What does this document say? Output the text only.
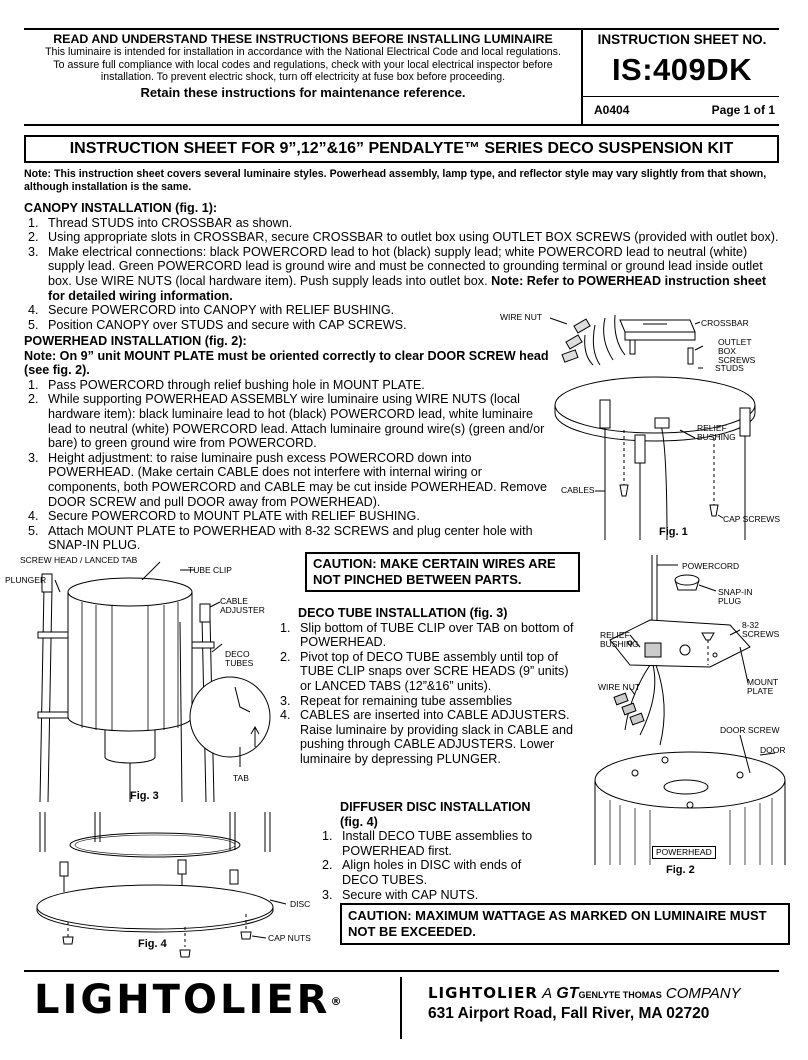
READ AND UNDERSTAND THESE INSTRUCTIONS BEFORE INSTALLING LUMINAIRE
This luminaire is intended for installation in accordance with the National Electrical Code and local regulations.
To assure full compliance with local codes and regulations, check with your local electrical inspector before
installation. To prevent electric shock, turn off electricity at fuse box before proceeding.
Retain these instructions for maintenance reference.
INSTRUCTION SHEET NO.
IS:409DK
A0404	Page 1 of 1
INSTRUCTION SHEET FOR 9”,12”&16” PENDALYTE™ SERIES DECO SUSPENSION KIT
Note: This instruction sheet covers several luminaire styles. Powerhead assembly, lamp type, and reflector style may vary slightly from that shown, although installation is the same.
CANOPY INSTALLATION (fig. 1):
1. Thread STUDS into CROSSBAR as shown.
2. Using appropriate slots in CROSSBAR, secure CROSSBAR to outlet box using OUTLET BOX SCREWS (provided with outlet box).
3. Make electrical connections: black POWERCORD lead to hot (black) supply lead; white POWERCORD lead to neutral (white) supply lead. Green POWERCORD lead is ground wire and must be connected to grounding terminal or ground lead inside outlet box. Use WIRE NUTS (local hardware item). Push supply leads into outlet box. Note: Refer to POWERHEAD instruction sheet for detailed wiring information.
4. Secure POWERCORD into CANOPY with RELIEF BUSHING.
5. Position CANOPY over STUDS and secure with CAP SCREWS.
POWERHEAD INSTALLATION (fig. 2):
Note: On 9” unit MOUNT PLATE must be oriented correctly to clear DOOR SCREW head (see fig. 2).
1. Pass POWERCORD through relief bushing hole in MOUNT PLATE.
2. While supporting POWERHEAD ASSEMBLY wire luminaire using WIRE NUTS (local hardware item): black luminaire lead to hot (black) POWERCORD lead, white luminaire lead to neutral (white) POWERCORD lead. Attach luminaire ground wire(s) (green and/or bare) to green ground wire from POWERCORD.
3. Height adjustment: to raise luminaire push excess POWERCORD down into POWERHEAD. (Make certain CABLE does not interfere with internal wiring or components, both POWERCORD and CABLE may be cut inside POWERHEAD. Remove DOOR SCREW and pull DOOR away from POWERHEAD).
4. Secure POWERCORD to MOUNT PLATE with RELIEF BUSHING.
5. Attach MOUNT PLATE to POWERHEAD with 8-32 SCREWS and plug center hole with SNAP-IN PLUG.
CAUTION: MAKE CERTAIN WIRES ARE NOT PINCHED BETWEEN PARTS.
DECO TUBE INSTALLATION (fig. 3)
1. Slip bottom of TUBE CLIP over TAB on bottom of POWERHEAD.
2. Pivot top of DECO TUBE assembly until top of TUBE CLIP snaps over SCRE HEADS (9” units) or LANCED TABS (12”&16” units).
3. Repeat for remaining tube assemblies
4. CABLES are inserted into CABLE ADJUSTERS. Raise luminaire by providing slack in CABLE and pushing through CABLE ADJUSTERS. Lower luminaire by depressing PLUNGER.
DIFFUSER DISC INSTALLATION (fig. 4)
1. Install DECO TUBE assemblies to POWERHEAD first.
2. Align holes in DISC with ends of DECO TUBES.
3. Secure with CAP NUTS.
CAUTION: MAXIMUM WATTAGE AS MARKED ON LUMINAIRE MUST NOT BE EXCEEDED.
WIRE NUT
CROSSBAR
OUTLET BOX SCREWS
STUDS
RELIEF BUSHING
CABLES
CAP SCREWS
Fig. 1
POWERCORD
SNAP-IN PLUG
RELIEF BUSHING
8-32 SCREWS
WIRE NUT	MOUNT PLATE
DOOR SCREW
DOOR
POWERHEAD
Fig. 2
SCREW HEAD / LANCED TAB
TUBE CLIP
PLUNGER
CABLE ADJUSTER
DECO TUBES
TAB
Fig. 3
DISC
CAP NUTS
Fig. 4
LIGHTOLIER®	LIGHTOLIER A GTGENLYTE THOMAS COMPANY
631 Airport Road, Fall River, MA 02720
